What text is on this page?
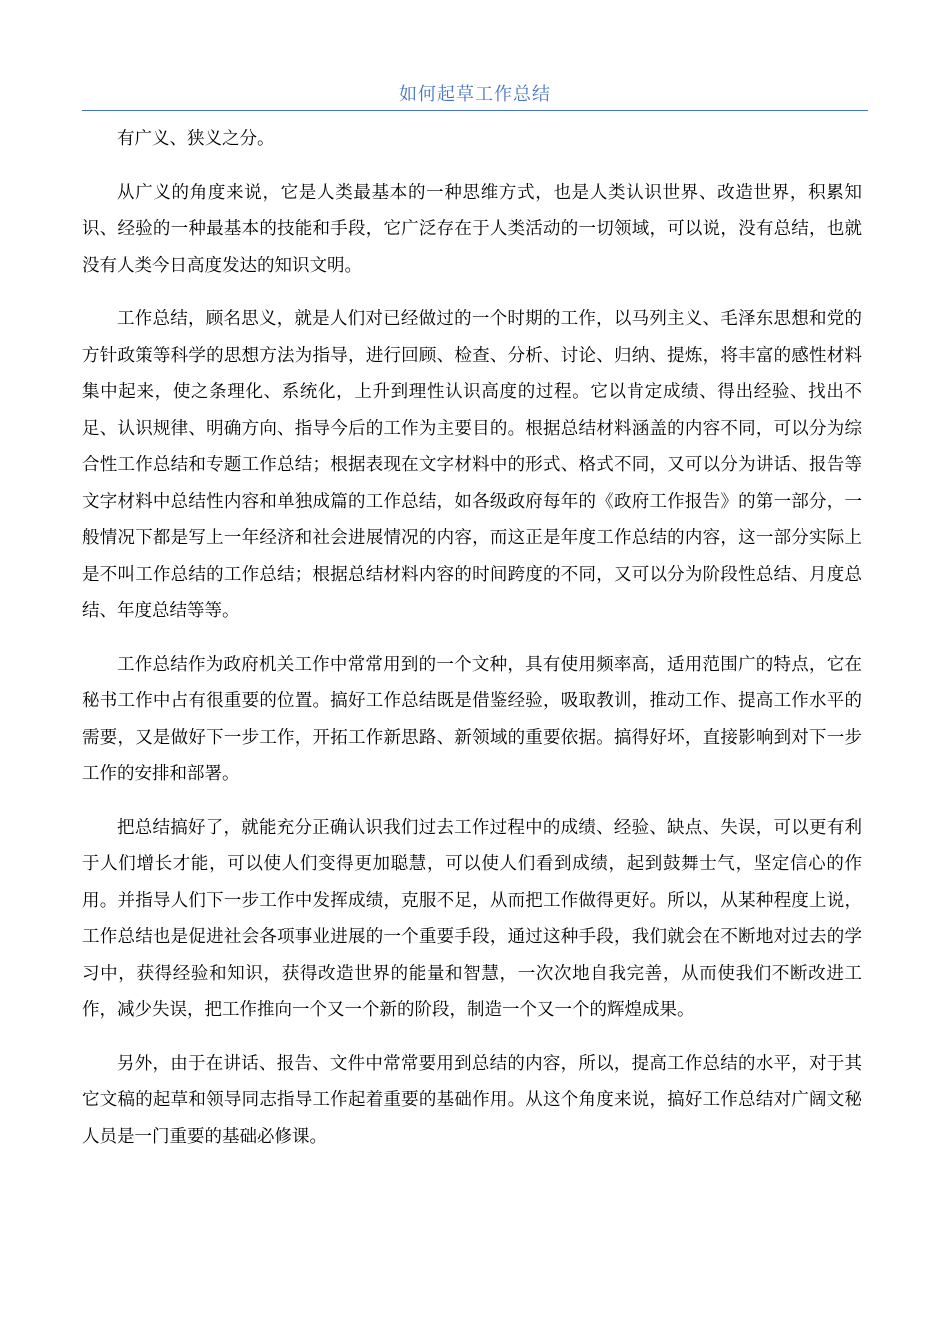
如何起草工作总结

有广义、狭义之分。

从广义的角度来说，它是人类最基本的一种思维方式，也是人类认识世界、改造世界，积累知识、经验的一种最基本的技能和手段，它广泛存在于人类活动的一切领域，可以说，没有总结，也就没有人类今日高度发达的知识文明。

工作总结，顾名思义，就是人们对已经做过的一个时期的工作，以马列主义、毛泽东思想和党的方针政策等科学的思想方法为指导，进行回顾、检查、分析、讨论、归纳、提炼，将丰富的感性材料集中起来，使之条理化、系统化，上升到理性认识高度的过程。它以肯定成绩、得出经验、找出不足、认识规律、明确方向、指导今后的工作为主要目的。根据总结材料涵盖的内容不同，可以分为综合性工作总结和专题工作总结；根据表现在文字材料中的形式、格式不同，又可以分为讲话、报告等文字材料中总结性内容和单独成篇的工作总结，如各级政府每年的《政府工作报告》的第一部分，一般情况下都是写上一年经济和社会进展情况的内容，而这正是年度工作总结的内容，这一部分实际上是不叫工作总结的工作总结；根据总结材料内容的时间跨度的不同，又可以分为阶段性总结、月度总结、年度总结等等。

工作总结作为政府机关工作中常常用到的一个文种，具有使用频率高，适用范围广的特点，它在秘书工作中占有很重要的位置。搞好工作总结既是借鉴经验，吸取教训，推动工作、提高工作水平的需要，又是做好下一步工作，开拓工作新思路、新领域的重要依据。搞得好坏，直接影响到对下一步工作的安排和部署。

把总结搞好了，就能充分正确认识我们过去工作过程中的成绩、经验、缺点、失误，可以更有利于人们增长才能，可以使人们变得更加聪慧，可以使人们看到成绩，起到鼓舞士气，坚定信心的作用。并指导人们下一步工作中发挥成绩，克服不足，从而把工作做得更好。所以，从某种程度上说，工作总结也是促进社会各项事业进展的一个重要手段，通过这种手段，我们就会在不断地对过去的学习中，获得经验和知识，获得改造世界的能量和智慧，一次次地自我完善，从而使我们不断改进工作，减少失误，把工作推向一个又一个新的阶段，制造一个又一个的辉煌成果。

另外，由于在讲话、报告、文件中常常要用到总结的内容，所以，提高工作总结的水平，对于其它文稿的起草和领导同志指导工作起着重要的基础作用。从这个角度来说，搞好工作总结对广阔文秘人员是一门重要的基础必修课。
